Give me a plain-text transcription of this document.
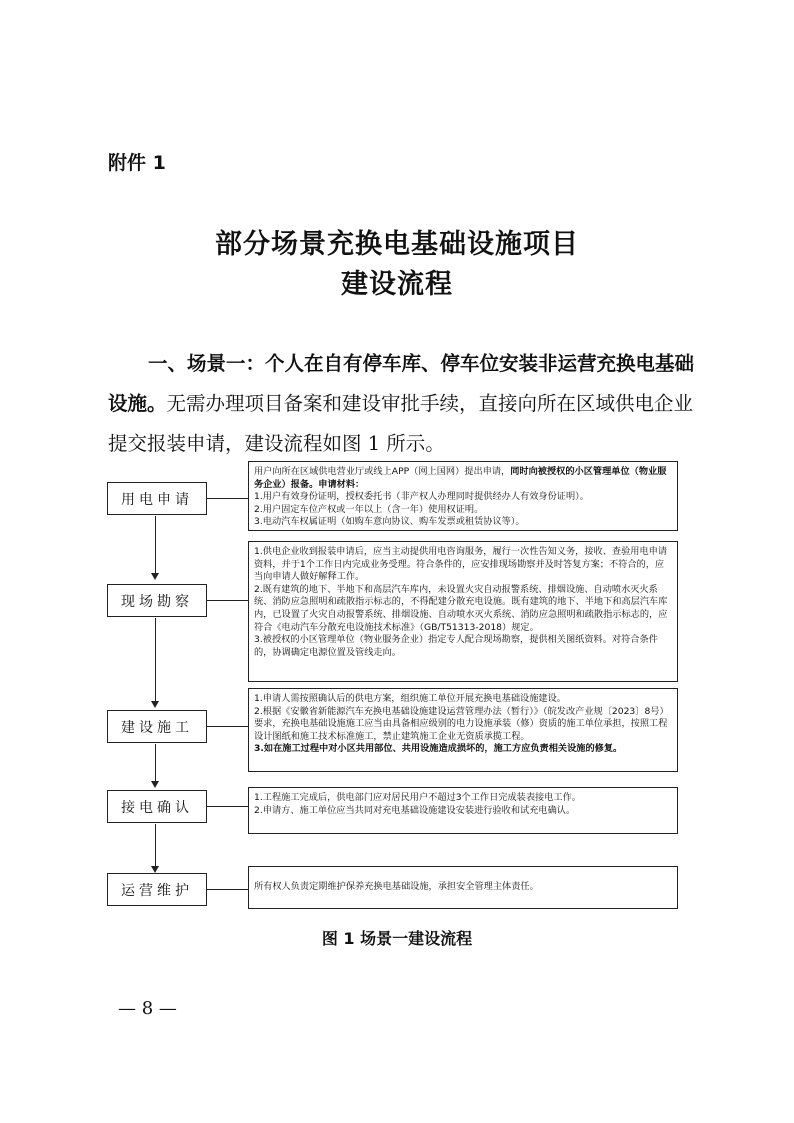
附件 1
部分场景充换电基础设施项目
建设流程
一、场景一：个人在自有停车库、停车位安装非运营充换电基础设施。无需办理项目备案和建设审批手续，直接向所在区域供电企业提交报装申请，建设流程如图 1 所示。

用户向所在区域供电营业厅或线上APP（网上国网）提出申请，同时向被授权的小区管理单位（物业服务企业）报备。申请材料：

1.用户有效身份证明，授权委托书（非产权人办理同时提供经办人有效身份证明）。

2.用户固定车位产权或一年以上（含一年）使用权证明。

3.电动汽车权属证明（如购车意向协议、购车发票或租赁协议等）。

用电申请

1.供电企业收到报装申请后，应当主动提供用电咨询服务，履行一次性告知义务，接收、查验用电申请资料，并于1个工作日内完成业务受理。符合条件的，应安排现场勘察并及时答复方案；不符合的，应当向申请人做好解释工作。

2.既有建筑的地下、半地下和高层汽车库内，未设置火灾自动报警系统、排烟设施、自动喷水灭火系统、消防应急照明和疏散指示标志的，不得配建分散充电设施。既有建筑的地下、半地下和高层汽车库内，已设置了火灾自动报警系统、排烟设施、自动喷水灭火系统、消防应急照明和疏散指示标志的，应符合《电动汽车分散充电设施技术标准》（GB/T51313-2018）规定。

3.被授权的小区管理单位（物业服务企业）指定专人配合现场勘察，提供相关图纸资料。对符合条件的，协调确定电源位置及管线走向。

现场勘察

1.申请人需按照确认后的供电方案，组织施工单位开展充换电基础设施建设。

2.根据《安徽省新能源汽车充换电基础设施建设运营管理办法（暂行）》（皖发改产业规〔2023〕8号）要求，充换电基础设施施工应当由具备相应级别的电力设施承装（修）资质的施工单位承担，按照工程设计图纸和施工技术标准施工，禁止建筑施工企业无资质承揽工程。

3.如在施工过程中对小区共用部位、共用设施造成损坏的，施工方应负责相关设施的修复。

建设施工

1.工程施工完成后，供电部门应对居民用户不超过3个工作日完成装表接电工作。

2.申请方、施工单位应当共同对充电基础设施建设安装进行验收和试充电确认。

接电确认

所有权人负责定期维护保养充换电基础设施，承担安全管理主体责任。

运营维护
图 1 场景一建设流程
— 8 —
